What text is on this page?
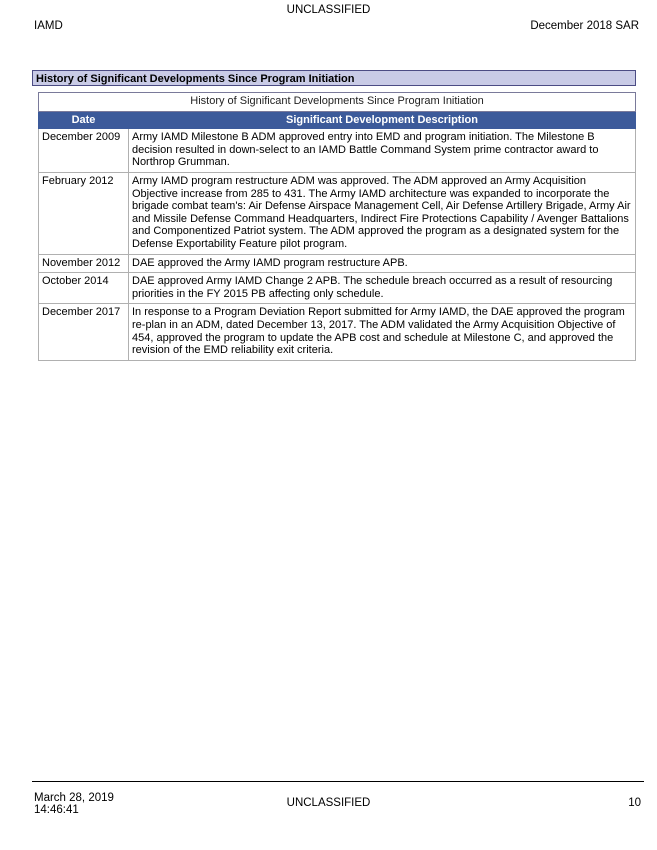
UNCLASSIFIED
IAMD	December 2018 SAR
History of Significant Developments Since Program Initiation
History of Significant Developments Since Program Initiation	
Date	Significant Development Description
December 2009	Army IAMD Milestone B ADM approved entry into EMD and program initiation. The Milestone B decision resulted in down-select to an IAMD Battle Command System prime contractor award to Northrop Grumman.
February 2012	Army IAMD program restructure ADM was approved. The ADM approved an Army Acquisition Objective increase from 285 to 431. The Army IAMD architecture was expanded to incorporate the brigade combat team's: Air Defense Airspace Management Cell, Air Defense Artillery Brigade, Army Air and Missile Defense Command Headquarters, Indirect Fire Protections Capability / Avenger Battalions and Componentized Patriot system. The ADM approved the program as a designated system for the Defense Exportability Feature pilot program.
November 2012	DAE approved the Army IAMD program restructure APB.
October 2014	DAE approved Army IAMD Change 2 APB. The schedule breach occurred as a result of resourcing priorities in the FY 2015 PB affecting only schedule.
December 2017	In response to a Program Deviation Report submitted for Army IAMD, the DAE approved the program re-plan in an ADM, dated December 13, 2017. The ADM validated the Army Acquisition Objective of 454, approved the program to update the APB cost and schedule at Milestone C, and approved the revision of the EMD reliability exit criteria.
March 28, 2019
14:46:41
UNCLASSIFIED	10
